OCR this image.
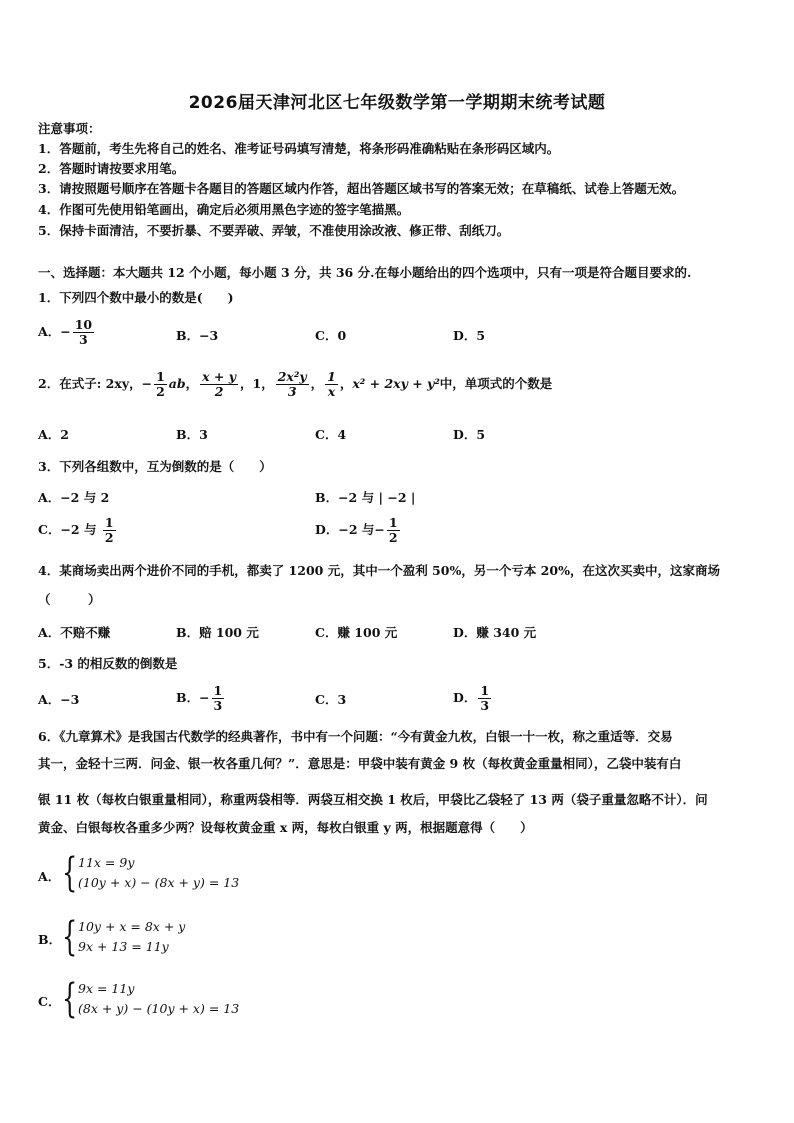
2026届天津河北区七年级数学第一学期期末统考试题
注意事项：
1．答题前，考生先将自己的姓名、准考证号码填写清楚，将条形码准确粘贴在条形码区域内。
2．答题时请按要求用笔。
3．请按照题号顺序在答题卡各题目的答题区域内作答，超出答题区域书写的答案无效；在草稿纸、试卷上答题无效。
4．作图可先使用铅笔画出，确定后必须用黑色字迹的签字笔描黑。
5．保持卡面清洁，不要折暴、不要弄破、弄皱，不准使用涂改液、修正带、刮纸刀。
一、选择题：本大题共 12 个小题，每小题 3 分，共 36 分.在每小题给出的四个选项中，只有一项是符合题目要求的.
1．下列四个数中最小的数是(　　)
A．− $\frac{10}{3}$	B．−3	C．0	D．5
2．在式子: 2xy，− $\frac{1}{2}$ ab， $\frac{x + y}{2}$ ，1， $\frac{\text{2x²y}}{3}$ ， $\frac{1}{x}$ ，x² + 2xy + y²中，单项式的个数是
A．2	B．3	C．4	D．5
3．下列各组数中，互为倒数的是（　　）
A．−2 与 2	B．−2 与 | −2 |
C．−2 与 $\frac{1}{2}$	D．−2 与− $\frac{1}{2}$
4．某商场卖出两个进价不同的手机，都卖了 1200 元，其中一个盈利 50%，另一个亏本 20%，在这次买卖中，这家商场
（　　　）
A．不赔不赚	B．赔 100 元	C．赚 100 元	D．赚 340 元
5．-3 的相反数的倒数是
A．−3	B．− $\frac{1}{3}$	C．3	D． $\frac{1}{3}$
6．《九章算术》是我国古代数学的经典著作，书中有一个问题：“今有黄金九枚，白银一十一枚，称之重适等．交易
其一，金轻十三两．问金、银一枚各重几何？”．意思是：甲袋中装有黄金 9 枚（每枚黄金重量相同），乙袋中装有白
银 11 枚（每枚白银重量相同），称重两袋相等．两袋互相交换 1 枚后，甲袋比乙袋轻了 13 两（袋子重量忽略不计）．问
黄金、白银每枚各重多少两？设每枚黄金重 x 两，每枚白银重 y 两，根据题意得（　　）
A． { 11x = 9y
(10y + x) − (8x + y) = 13
B． { 10y + x = 8x + y
9x + 13 = 11y
C． { 9x = 11y
(8x + y) − (10y + x) = 13
